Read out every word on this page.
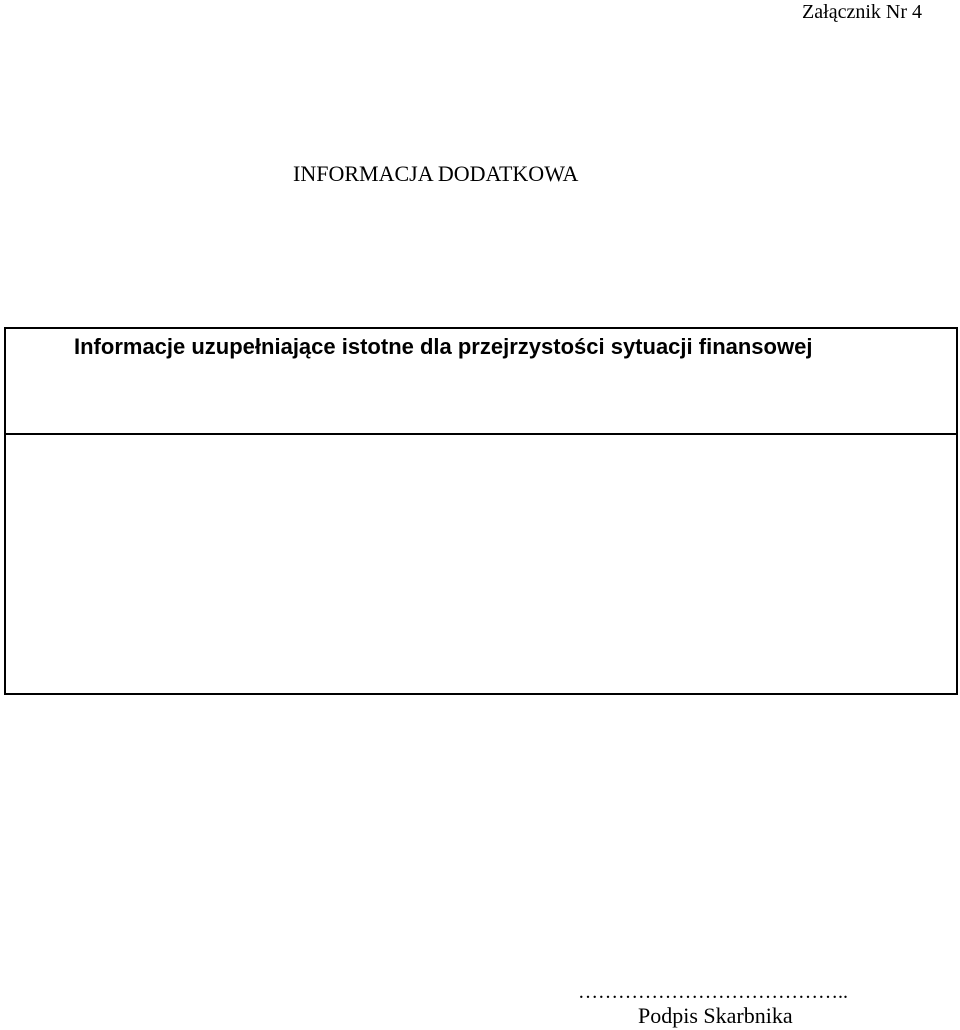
Załącznik Nr 4
INFORMACJA DODATKOWA
Informacje uzupełniające istotne dla przejrzystości sytuacji finansowej
…………………………………..
Podpis Skarbnika
